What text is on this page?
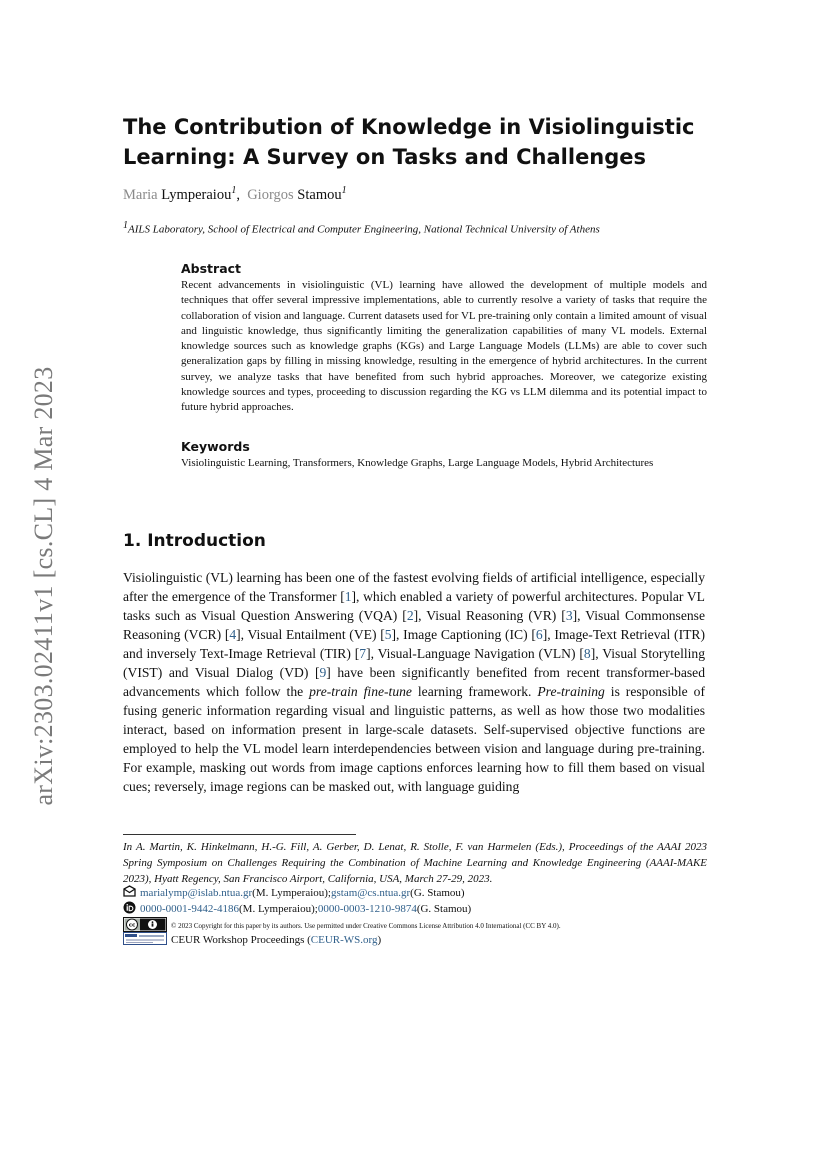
arXiv:2303.02411v1 [cs.CL] 4 Mar 2023
The Contribution of Knowledge in Visiolinguistic Learning: A Survey on Tasks and Challenges
Maria Lymperaiou$^1$, Giorgos Stamou$^1$
1AILS Laboratory, School of Electrical and Computer Engineering, National Technical University of Athens
Abstract

Recent advancements in visiolinguistic (VL) learning have allowed the development of multiple models and techniques that offer several impressive implementations, able to currently resolve a variety of tasks that require the collaboration of vision and language. Current datasets used for VL pre-training only contain a limited amount of visual and linguistic knowledge, thus significantly limiting the generalization capabilities of many VL models. External knowledge sources such as knowledge graphs (KGs) and Large Language Models (LLMs) are able to cover such generalization gaps by filling in missing knowledge, resulting in the emergence of hybrid architectures. In the current survey, we analyze tasks that have benefited from such hybrid approaches. Moreover, we categorize existing knowledge sources and types, proceeding to discussion regarding the KG vs LLM dilemma and its potential impact to future hybrid approaches.

Keywords

Visiolinguistic Learning, Transformers, Knowledge Graphs, Large Language Models, Hybrid Architectures

1. Introduction

Visiolinguistic (VL) learning has been one of the fastest evolving fields of artificial intelligence, especially after the emergence of the Transformer [1], which enabled a variety of powerful architectures. Popular VL tasks such as Visual Question Answering (VQA) [2], Visual Reasoning (VR) [3], Visual Commonsense Reasoning (VCR) [4], Visual Entailment (VE) [5], Image Captioning (IC) [6], Image-Text Retrieval (ITR) and inversely Text-Image Retrieval (TIR) [7], Visual-Language Navigation (VLN) [8], Visual Storytelling (VIST) and Visual Dialog (VD) [9] have been significantly benefited from recent transformer-based advancements which follow the pre-train fine-tune learning framework. Pre-training is responsible of fusing generic information regarding visual and linguistic patterns, as well as how those two modalities interact, based on information present in large-scale datasets. Self-supervised objective functions are employed to help the VL model learn interdependencies between vision and language during pre-training. For example, masking out words from image captions enforces learning how to fill them based on visual cues; reversely, image regions can be masked out, with language guiding

In A. Martin, K. Hinkelmann, H.-G. Fill, A. Gerber, D. Lenat, R. Stolle, F. van Harmelen (Eds.), Proceedings of the AAAI 2023 Spring Symposium on Challenges Requiring the Combination of Machine Learning and Knowledge Engineering (AAAI-MAKE 2023), Hyatt Regency, San Francisco Airport, California, USA, March 27-29, 2023.

marialymp@islab.ntua.gr (M. Lymperaiou); gstam@cs.ntua.gr (G. Stamou)
0000-0001-9442-4186 (M. Lymperaiou); 0000-0003-1210-9874 (G. Stamou)
cc	© 2023 Copyright for this paper by its authors. Use permitted under Creative Commons License Attribution 4.0 International (CC BY 4.0).
CEUR Workshop Proceedings ( CEUR-WS.org )
